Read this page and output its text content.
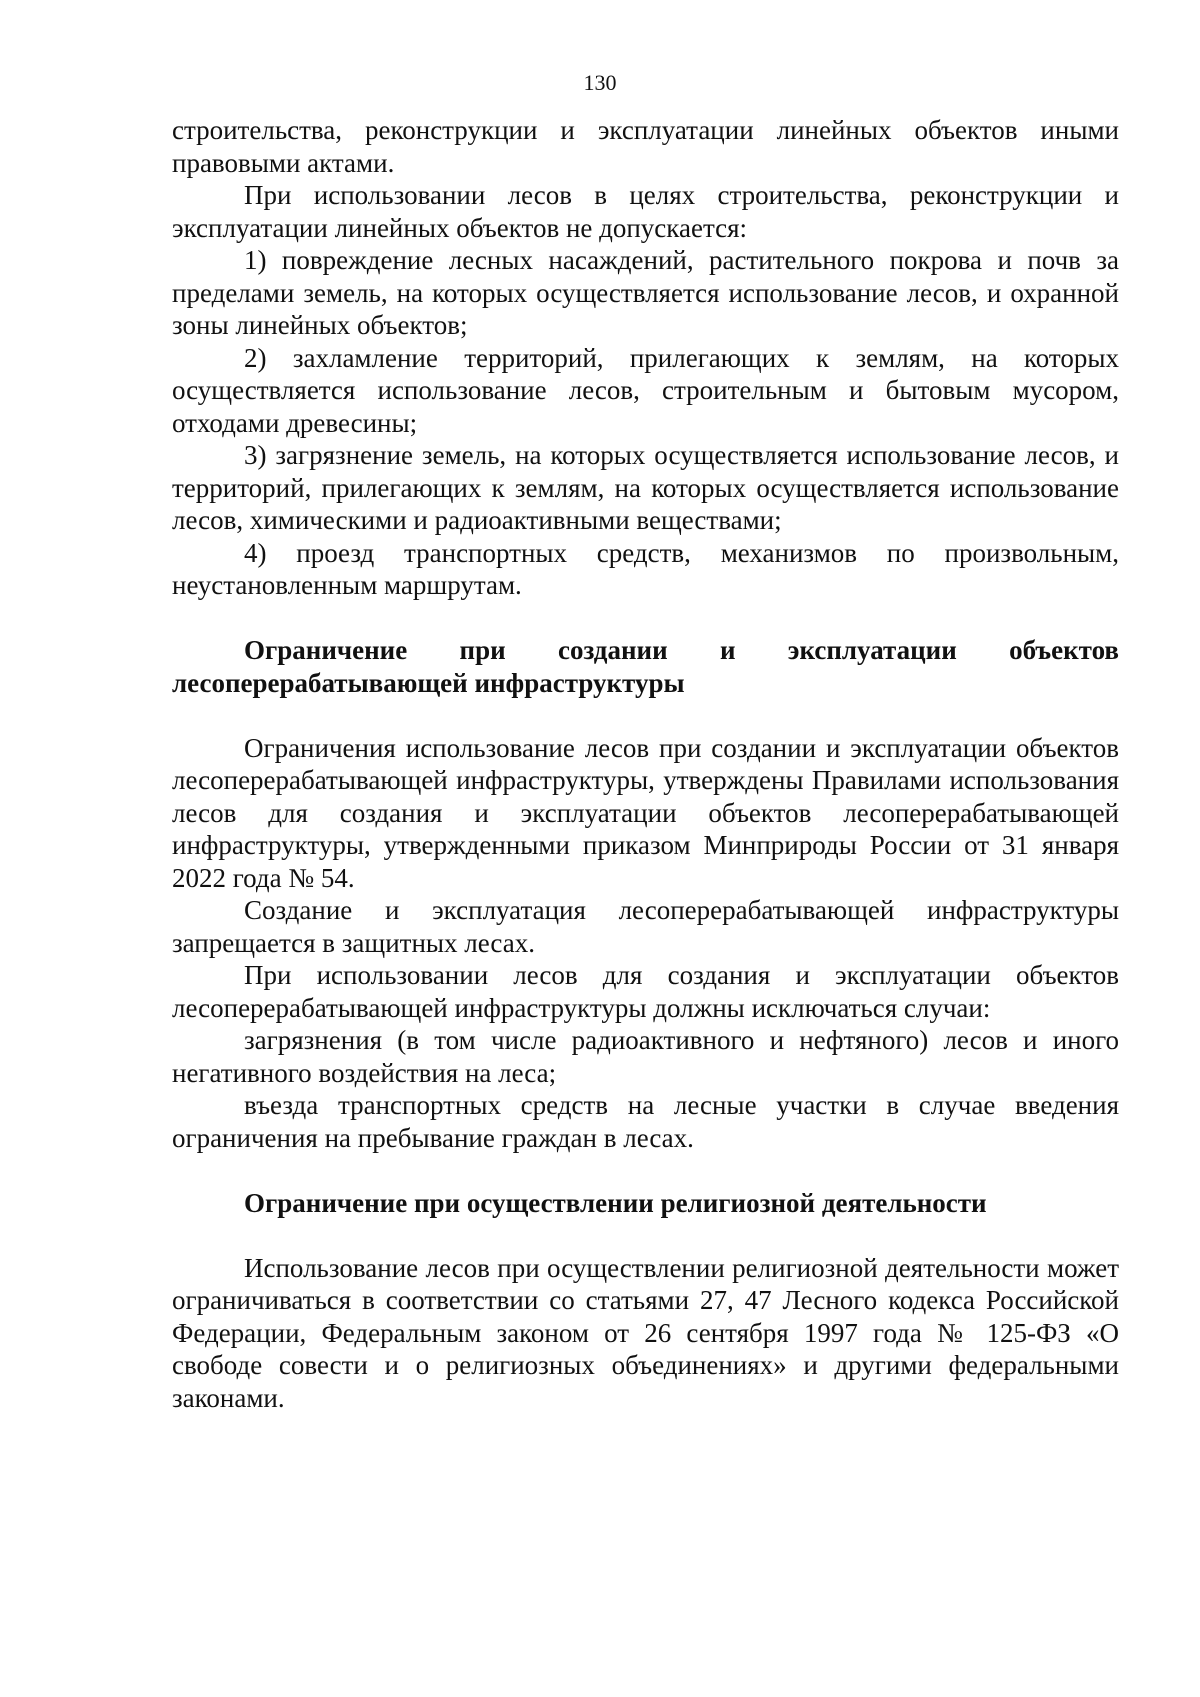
130

строительства, реконструкции и эксплуатации линейных объектов иными правовыми актами.

При использовании лесов в целях строительства, реконструкции и эксплуатации линейных объектов не допускается:

1) повреждение лесных насаждений, растительного покрова и почв за пределами земель, на которых осуществляется использование лесов, и охранной зоны линейных объектов;

2) захламление территорий, прилегающих к землям, на которых осуществляется использование лесов, строительным и бытовым мусором, отходами древесины;

3) загрязнение земель, на которых осуществляется использование лесов, и территорий, прилегающих к землям, на которых осуществляется использование лесов, химическими и радиоактивными веществами;

4) проезд транспортных средств, механизмов по произвольным, неустановленным маршрутам.

Ограничение при создании и эксплуатации объектов лесоперерабатывающей инфраструктуры

Ограничения использование лесов при создании и эксплуатации объектов лесоперерабатывающей инфраструктуры, утверждены Правилами использования лесов для создания и эксплуатации объектов лесоперерабатывающей инфраструктуры, утвержденными приказом Минприроды России от 31 января 2022 года № 54.

Создание и эксплуатация лесоперерабатывающей инфраструктуры запрещается в защитных лесах.

При использовании лесов для создания и эксплуатации объектов лесоперерабатывающей инфраструктуры должны исключаться случаи:

загрязнения (в том числе радиоактивного и нефтяного) лесов и иного негативного воздействия на леса;

въезда транспортных средств на лесные участки в случае введения ограничения на пребывание граждан в лесах.

Ограничение при осуществлении религиозной деятельности

Использование лесов при осуществлении религиозной деятельности может ограничиваться в соответствии со статьями 27, 47 Лесного кодекса Российской Федерации, Федеральным законом от 26 сентября 1997 года № 125-ФЗ «О свободе совести и о религиозных объединениях» и другими федеральными законами.
